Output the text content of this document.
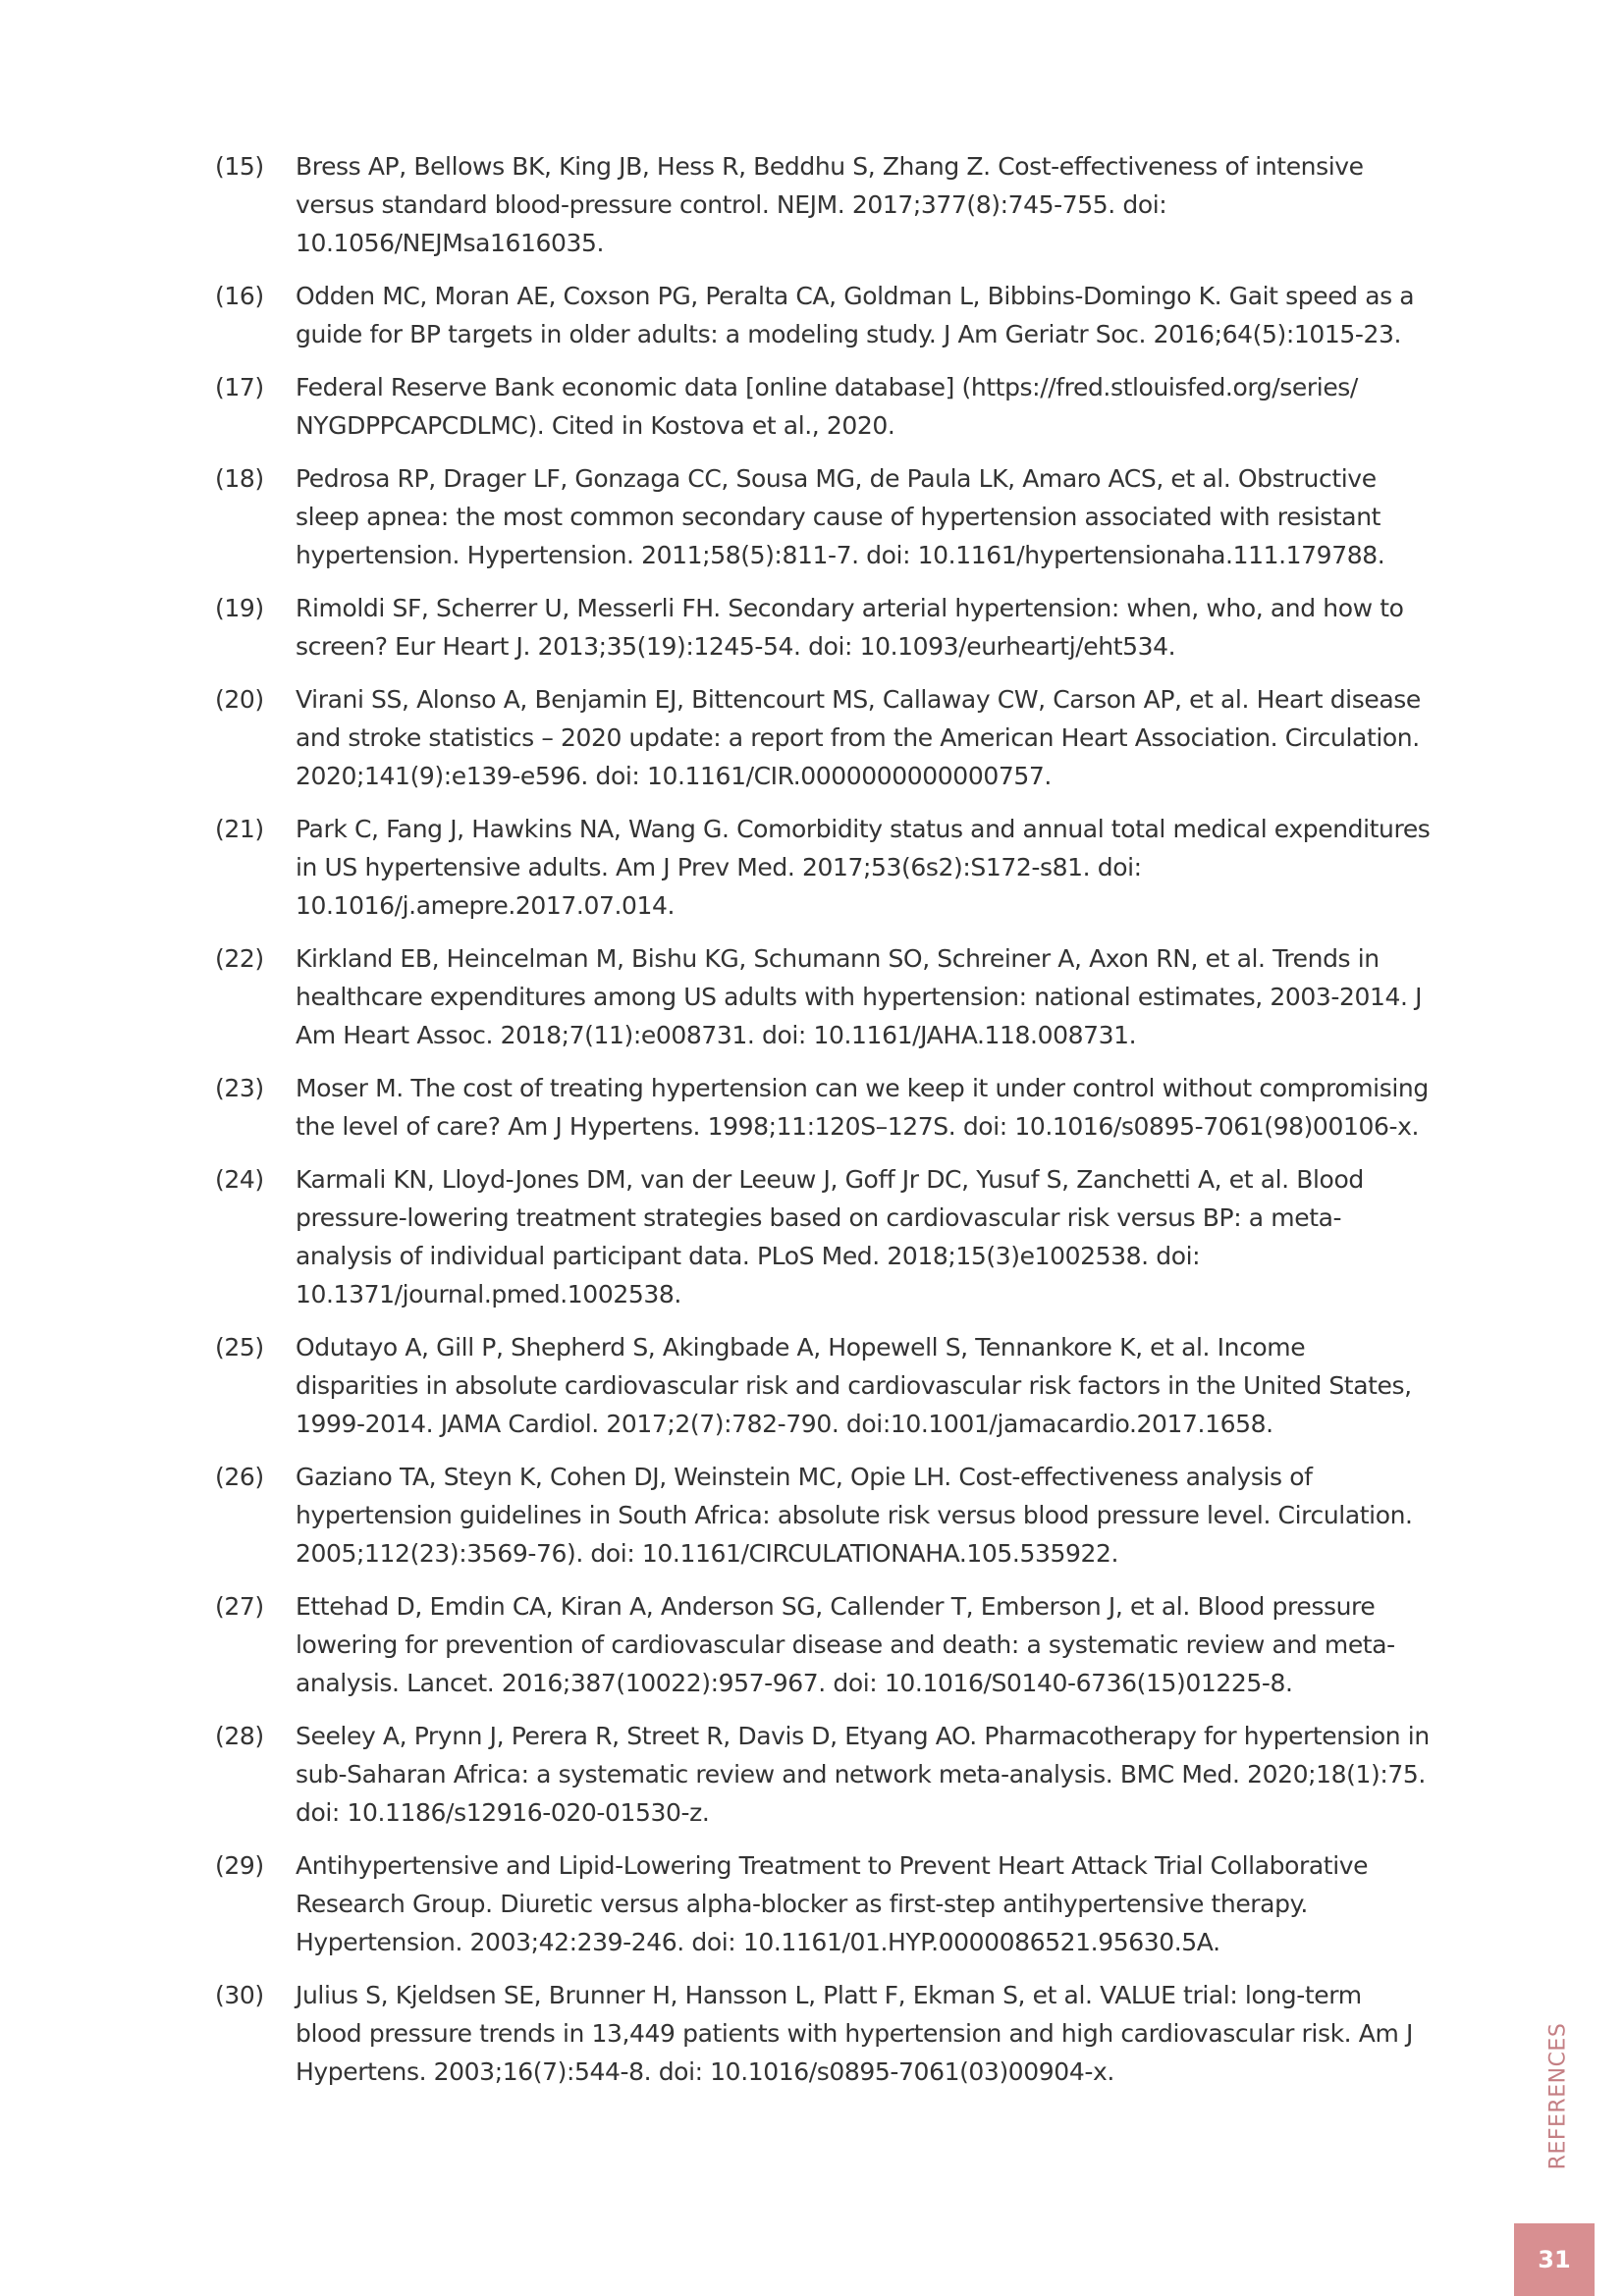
(15)	Bress AP, Bellows BK, King JB, Hess R, Beddhu S, Zhang Z. Cost-effectiveness of intensive versus standard blood-pressure control. NEJM. 2017;377(8):745-755. doi: 10.1056/NEJMsa1616035.
(16)	Odden MC, Moran AE, Coxson PG, Peralta CA, Goldman L, Bibbins-Domingo K. Gait speed as a guide for BP targets in older adults: a modeling study. J Am Geriatr Soc. 2016;64(5):1015-23.
(17)	Federal Reserve Bank economic data [online database] (https://fred.stlouisfed.org/series/ NYGDPPCAPCDLMC). Cited in Kostova et al., 2020.
(18)	Pedrosa RP, Drager LF, Gonzaga CC, Sousa MG, de Paula LK, Amaro ACS, et al. Obstructive sleep apnea: the most common secondary cause of hypertension associated with resistant hypertension. Hypertension. 2011;58(5):811-7. doi: 10.1161/hypertensionaha.111.179788.
(19)	Rimoldi SF, Scherrer U, Messerli FH. Secondary arterial hypertension: when, who, and how to screen? Eur Heart J. 2013;35(19):1245-54. doi: 10.1093/eurheartj/eht534.
(20)	Virani SS, Alonso A, Benjamin EJ, Bittencourt MS, Callaway CW, Carson AP, et al. Heart disease and stroke statistics – 2020 update: a report from the American Heart Association. Circulation. 2020;141(9):e139-e596. doi: 10.1161/CIR.0000000000000757.
(21)	Park C, Fang J, Hawkins NA, Wang G. Comorbidity status and annual total medical expenditures in US hypertensive adults. Am J Prev Med. 2017;53(6s2):S172-s81. doi: 10.1016/j.amepre.2017.07.014.
(22)	Kirkland EB, Heincelman M, Bishu KG, Schumann SO, Schreiner A, Axon RN, et al. Trends in healthcare expenditures among US adults with hypertension: national estimates, 2003-2014. J Am Heart Assoc. 2018;7(11):e008731. doi: 10.1161/JAHA.118.008731.
(23)	Moser M. The cost of treating hypertension can we keep it under control without compromising the level of care? Am J Hypertens. 1998;11:120S–127S. doi: 10.1016/s0895-7061(98)00106-x.
(24)	Karmali KN, Lloyd-Jones DM, van der Leeuw J, Goff Jr DC, Yusuf S, Zanchetti A, et al. Blood pressure-lowering treatment strategies based on cardiovascular risk versus BP: a meta-analysis of individual participant data. PLoS Med. 2018;15(3)e1002538. doi: 10.1371/journal.pmed.1002538.
(25)	Odutayo A, Gill P, Shepherd S, Akingbade A, Hopewell S, Tennankore K, et al. Income disparities in absolute cardiovascular risk and cardiovascular risk factors in the United States, 1999-2014. JAMA Cardiol. 2017;2(7):782-790. doi:10.1001/jamacardio.2017.1658.
(26)	Gaziano TA, Steyn K, Cohen DJ, Weinstein MC, Opie LH. Cost-effectiveness analysis of hypertension guidelines in South Africa: absolute risk versus blood pressure level. Circulation. 2005;112(23):3569-76). doi: 10.1161/CIRCULATIONAHA.105.535922.
(27)	Ettehad D, Emdin CA, Kiran A, Anderson SG, Callender T, Emberson J, et al. Blood pressure lowering for prevention of cardiovascular disease and death: a systematic review and meta-analysis. Lancet. 2016;387(10022):957-967. doi: 10.1016/S0140-6736(15)01225-8.
(28)	Seeley A, Prynn J, Perera R, Street R, Davis D, Etyang AO. Pharmacotherapy for hypertension in sub-Saharan Africa: a systematic review and network meta-analysis. BMC Med. 2020;18(1):75. doi: 10.1186/s12916-020-01530-z.
(29)	Antihypertensive and Lipid-Lowering Treatment to Prevent Heart Attack Trial Collaborative Research Group. Diuretic versus alpha-blocker as first-step antihypertensive therapy. Hypertension. 2003;42:239-246. doi: 10.1161/01.HYP.0000086521.95630.5A.
(30)	Julius S, Kjeldsen SE, Brunner H, Hansson L, Platt F, Ekman S, et al. VALUE trial: long-term blood pressure trends in 13,449 patients with hypertension and high cardiovascular risk. Am J Hypertens. 2003;16(7):544-8. doi: 10.1016/s0895-7061(03)00904-x.	REFERENCES
31
